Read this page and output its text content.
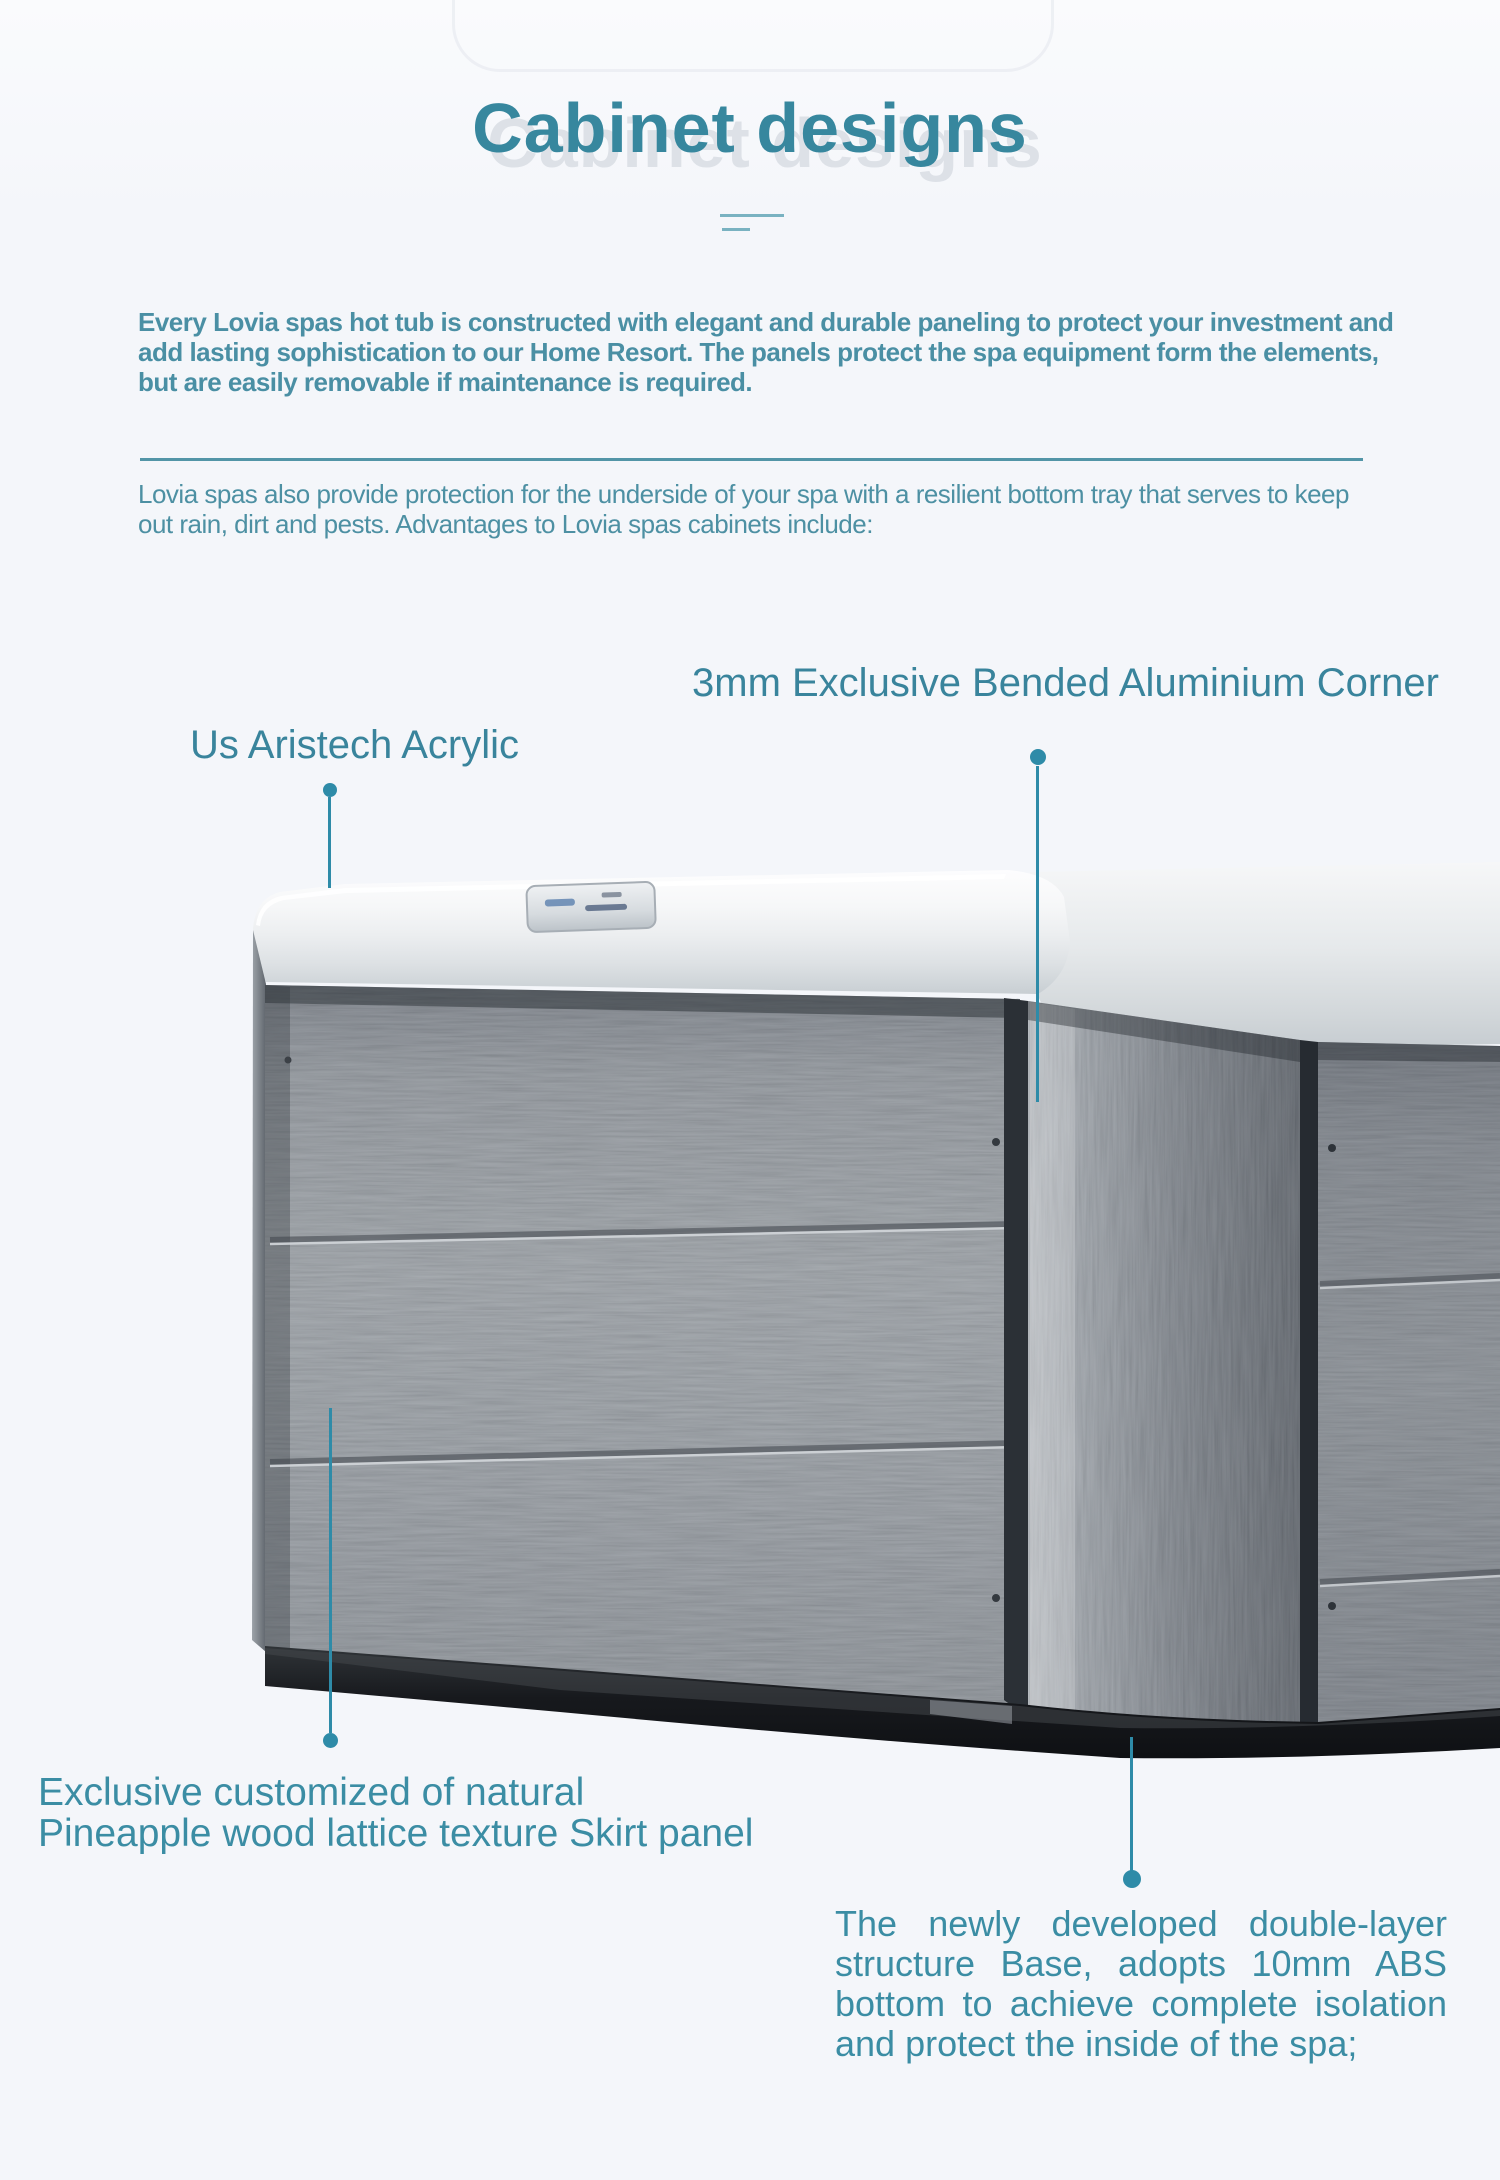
Cabinet designs
Every Lovia spas hot tub is constructed with elegant and durable paneling to protect your investment and
add lasting sophistication to our Home Resort. The panels protect the spa equipment form the elements,
but are easily removable if maintenance is required.
Lovia spas also provide protection for the underside of your spa with a resilient bottom tray that serves to keep
out rain, dirt and pests. Advantages to Lovia spas cabinets include:
3mm Exclusive Bended Aluminium Corner
Us Aristech Acrylic
Exclusive customized of natural
Pineapple wood lattice texture Skirt panel
The newly developed double-layer
structure Base, adopts 10mm ABS
bottom to achieve complete isolation
and protect the inside of the spa;
